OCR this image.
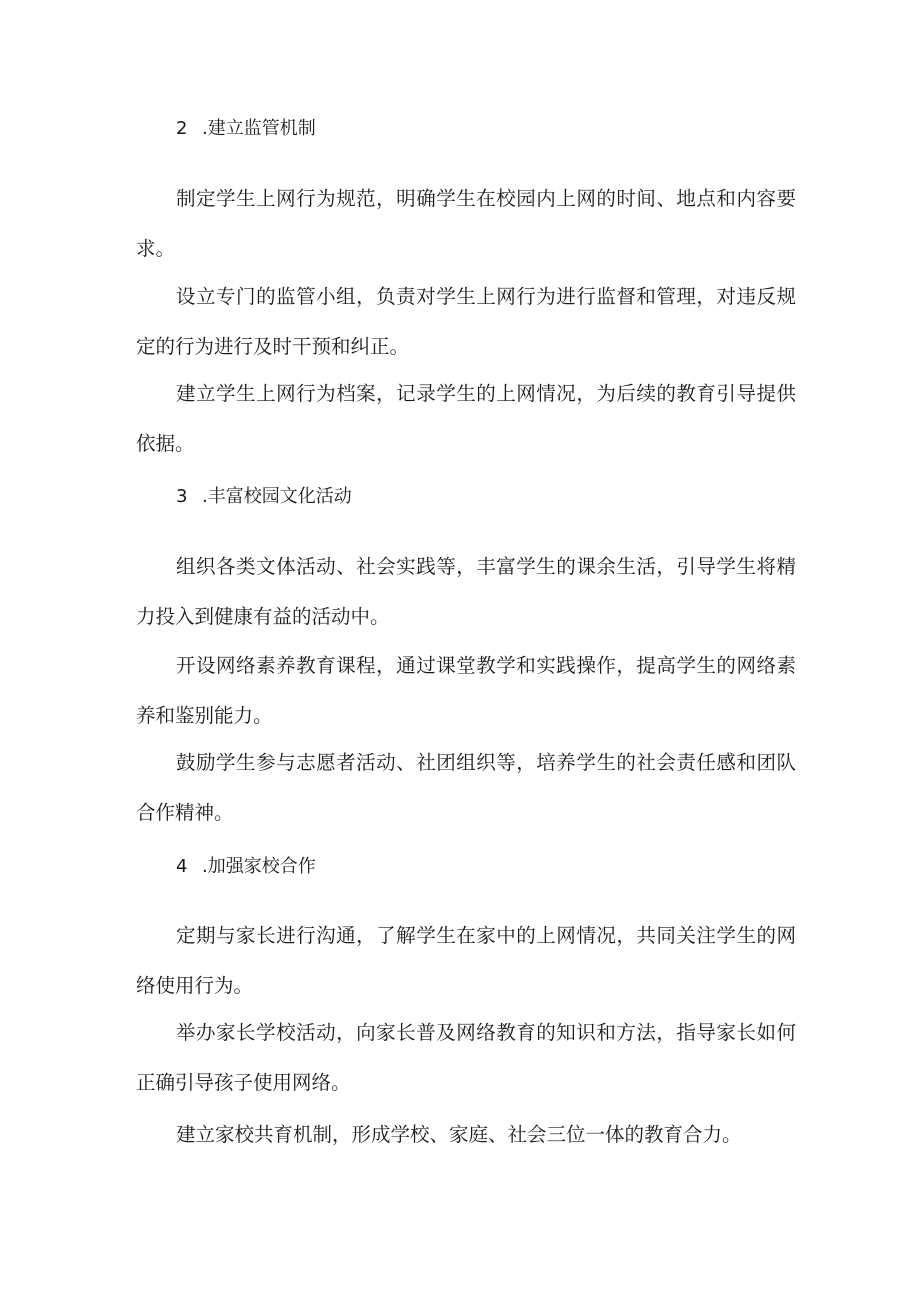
2 .建立监管机制

制定学生上网行为规范，明确学生在校园内上网的时间、地点和内容要求。

设立专门的监管小组，负责对学生上网行为进行监督和管理，对违反规定的行为进行及时干预和纠正。

建立学生上网行为档案，记录学生的上网情况，为后续的教育引导提供依据。

3 .丰富校园文化活动

组织各类文体活动、社会实践等，丰富学生的课余生活，引导学生将精力投入到健康有益的活动中。

开设网络素养教育课程，通过课堂教学和实践操作，提高学生的网络素养和鉴别能力。

鼓励学生参与志愿者活动、社团组织等，培养学生的社会责任感和团队合作精神。

4 .加强家校合作

定期与家长进行沟通，了解学生在家中的上网情况，共同关注学生的网络使用行为。

举办家长学校活动，向家长普及网络教育的知识和方法，指导家长如何正确引导孩子使用网络。

建立家校共育机制，形成学校、家庭、社会三位一体的教育合力。
